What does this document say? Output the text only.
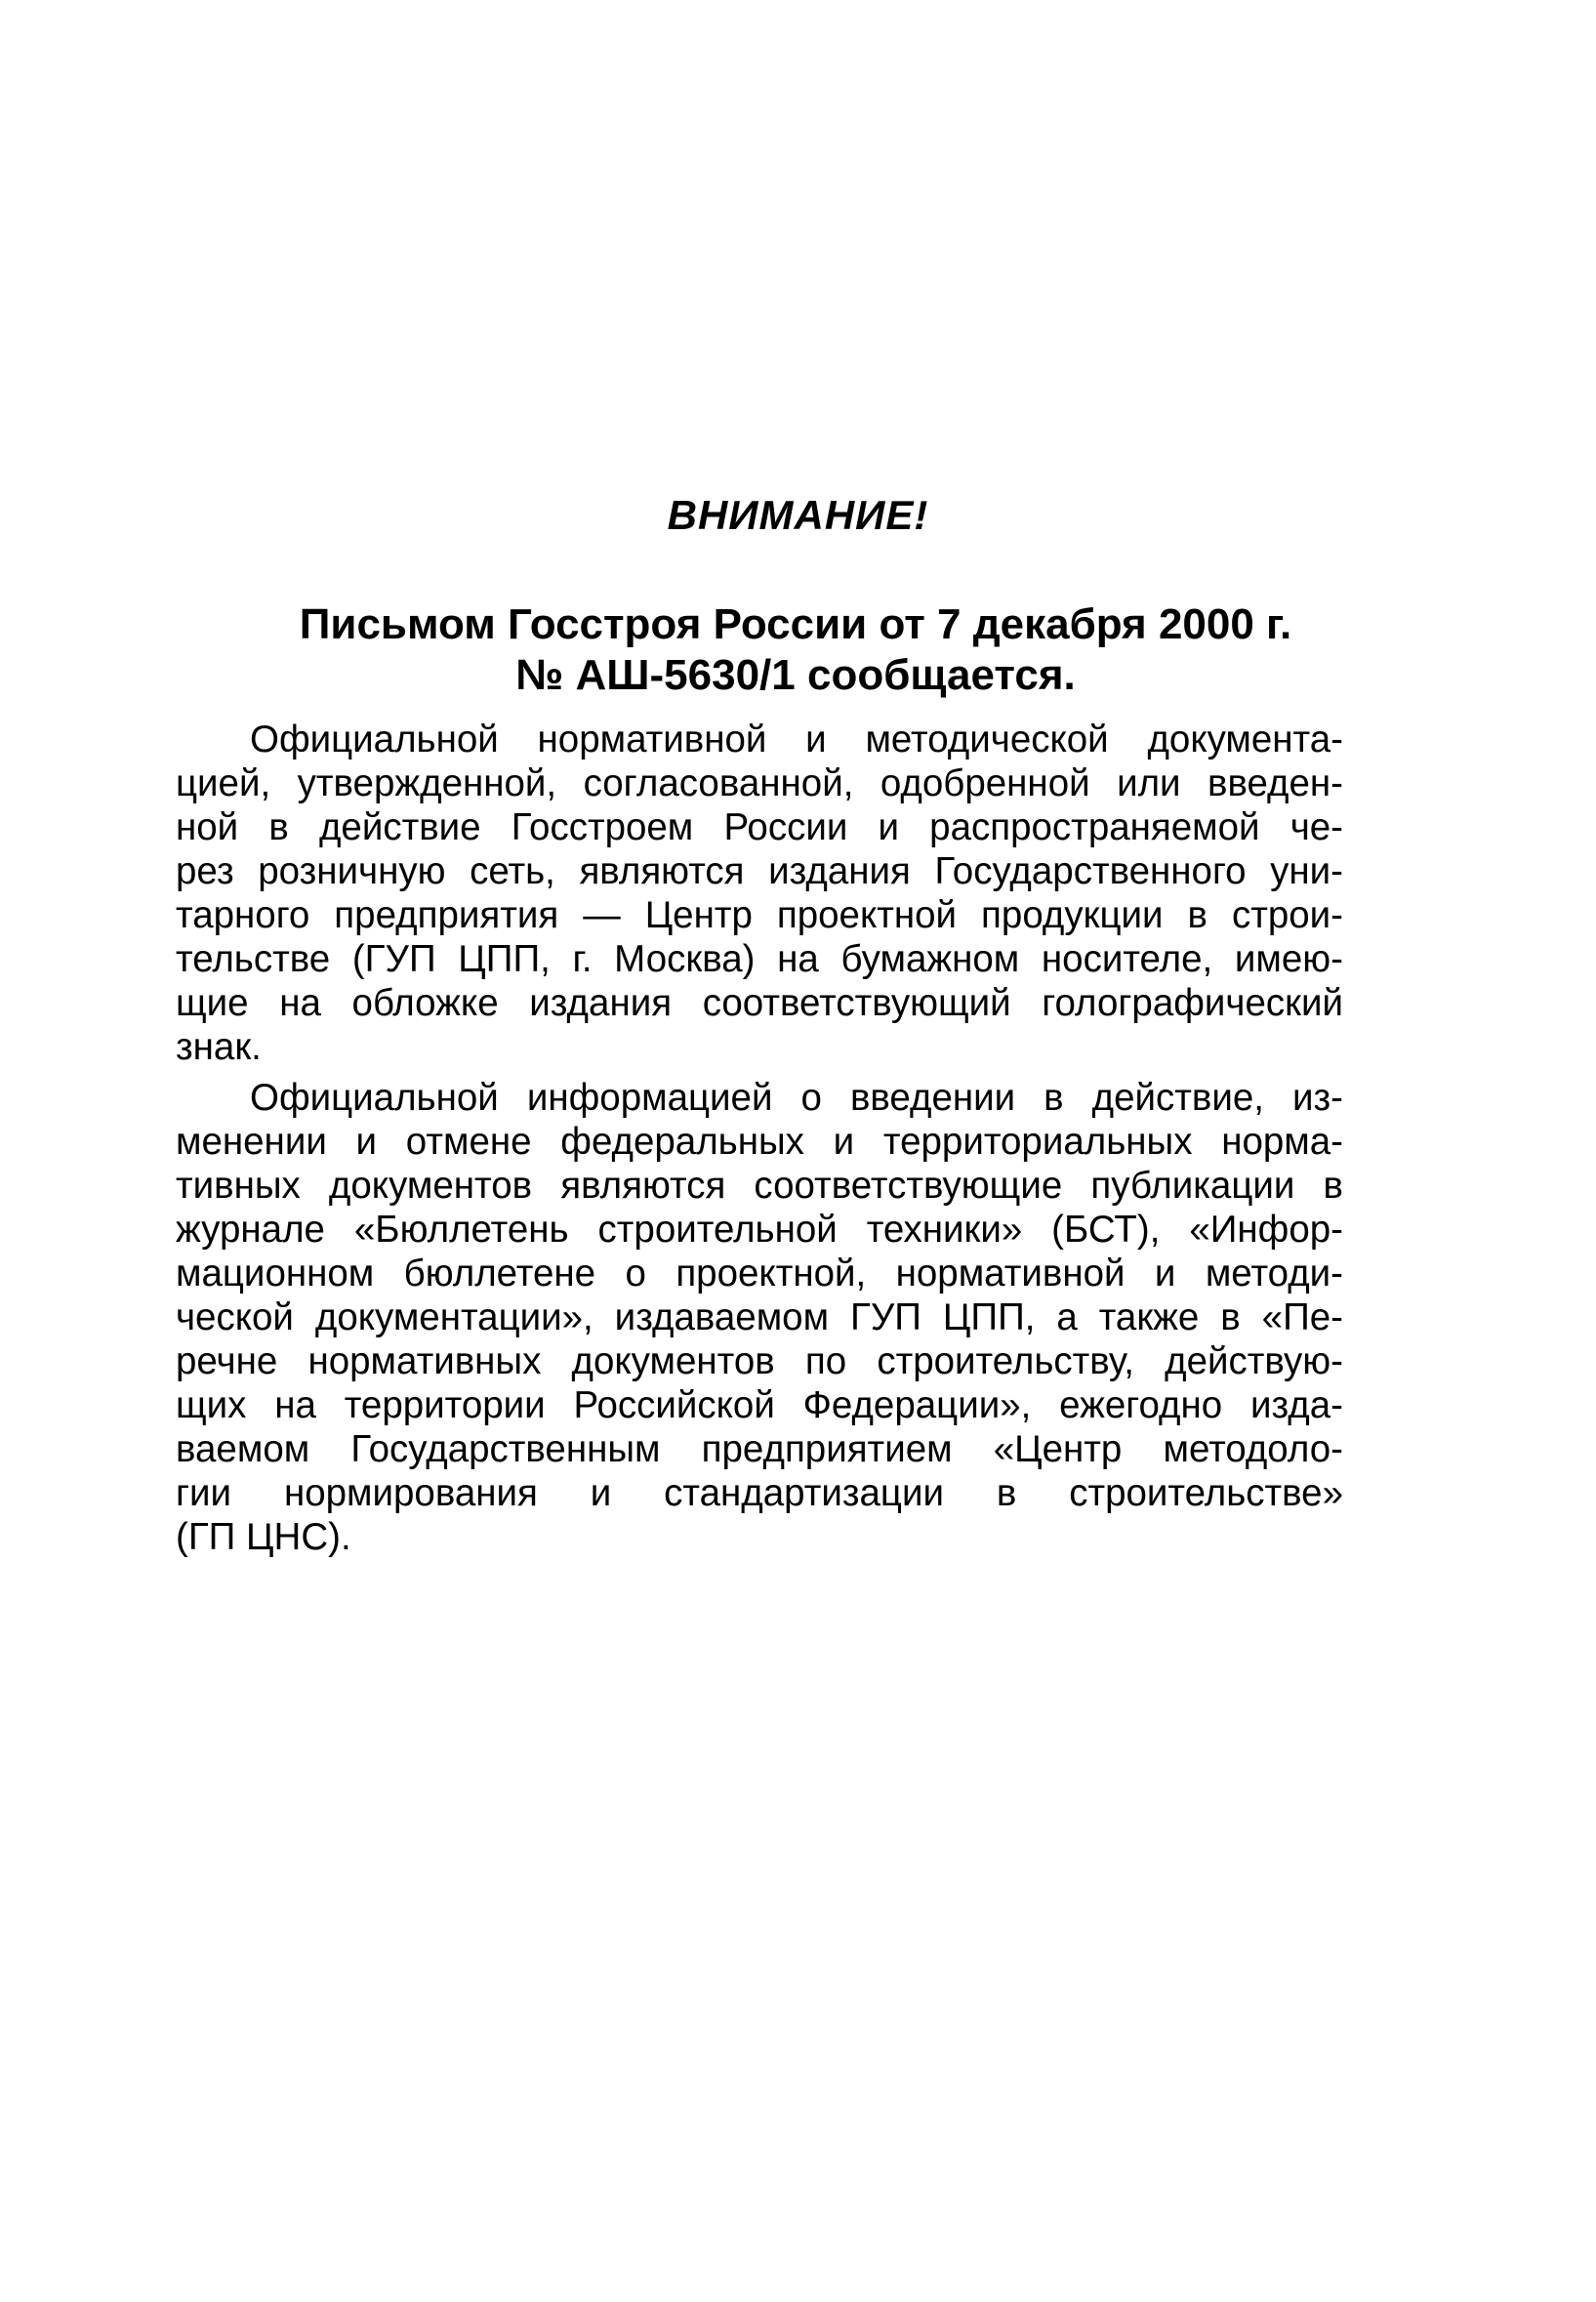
ВНИМАНИЕ!
Письмом Госстроя России от 7 декабря 2000 г.
№ АШ-5630/1 сообщается.
Официальной нормативной и методической документа-
цией, утвержденной, согласованной, одобренной или введен-
ной в действие Госстроем России и распространяемой че-
рез розничную сеть, являются издания Государственного уни-
тарного предприятия — Центр проектной продукции в строи-
тельстве (ГУП ЦПП, г. Москва) на бумажном носителе, имею-
щие на обложке издания соответствующий голографический
знак.
Официальной информацией о введении в действие, из-
менении и отмене федеральных и территориальных норма-
тивных документов являются соответствующие публикации в
журнале «Бюллетень строительной техники» (БСТ), «Инфор-
мационном бюллетене о проектной, нормативной и методи-
ческой документации», издаваемом ГУП ЦПП, а также в «Пе-
речне нормативных документов по строительству, действую-
щих на территории Российской Федерации», ежегодно изда-
ваемом Государственным предприятием «Центр методоло-
гии нормирования и стандартизации в строительстве»
(ГП ЦНС).
